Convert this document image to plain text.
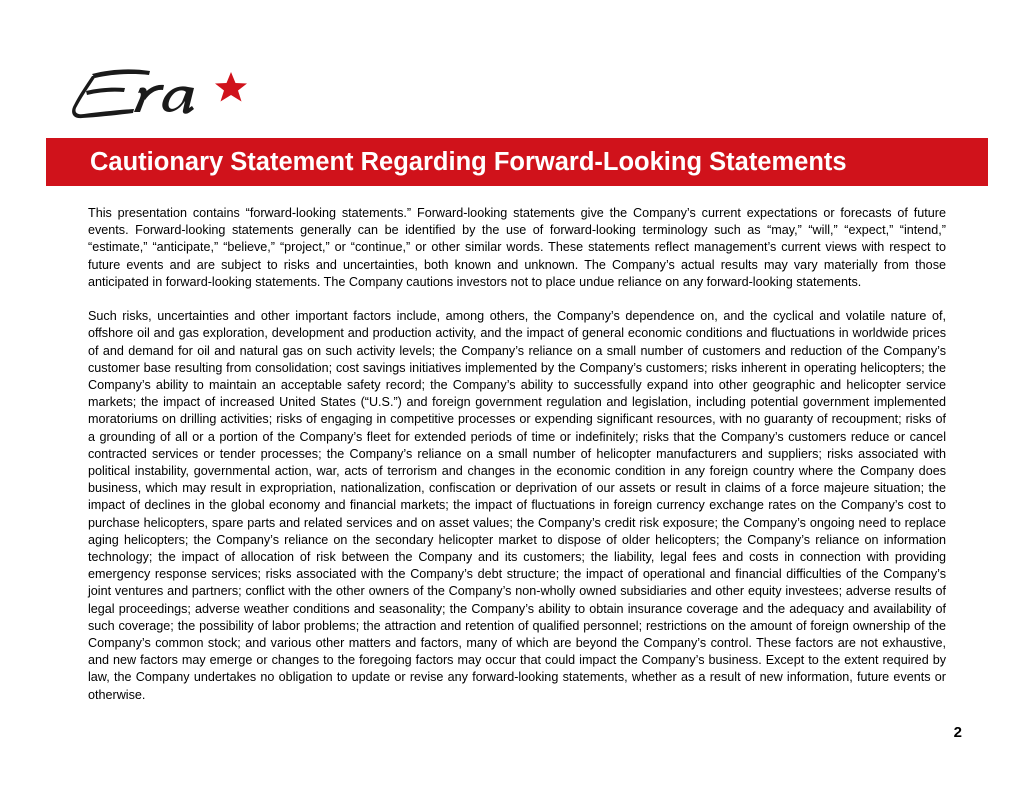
Cautionary Statement Regarding Forward-Looking Statements

This presentation contains “forward-looking statements.” Forward-looking statements give the Company’s current expectations or forecasts of future events. Forward-looking statements generally can be identified by the use of forward-looking terminology such as “may,” “will,” “expect,” “intend,” “estimate,” “anticipate,” “believe,” “project,” or “continue,” or other similar words. These statements reflect management’s current views with respect to future events and are subject to risks and uncertainties, both known and unknown. The Company’s actual results may vary materially from those anticipated in forward-looking statements. The Company cautions investors not to place undue reliance on any forward-looking statements.

Such risks, uncertainties and other important factors include, among others, the Company’s dependence on, and the cyclical and volatile nature of, offshore oil and gas exploration, development and production activity, and the impact of general economic conditions and fluctuations in worldwide prices of and demand for oil and natural gas on such activity levels; the Company’s reliance on a small number of customers and reduction of the Company’s customer base resulting from consolidation; cost savings initiatives implemented by the Company’s customers; risks inherent in operating helicopters; the Company’s ability to maintain an acceptable safety record; the Company’s ability to successfully expand into other geographic and helicopter service markets; the impact of increased United States (“U.S.”) and foreign government regulation and legislation, including potential government implemented moratoriums on drilling activities; risks of engaging in competitive processes or expending significant resources, with no guaranty of recoupment; risks of a grounding of all or a portion of the Company’s fleet for extended periods of time or indefinitely; risks that the Company’s customers reduce or cancel contracted services or tender processes; the Company’s reliance on a small number of helicopter manufacturers and suppliers; risks associated with political instability, governmental action, war, acts of terrorism and changes in the economic condition in any foreign country where the Company does business, which may result in expropriation, nationalization, confiscation or deprivation of our assets or result in claims of a force majeure situation; the impact of declines in the global economy and financial markets; the impact of fluctuations in foreign currency exchange rates on the Company’s cost to purchase helicopters, spare parts and related services and on asset values; the Company’s credit risk exposure; the Company’s ongoing need to replace aging helicopters; the Company’s reliance on the secondary helicopter market to dispose of older helicopters; the Company’s reliance on information technology; the impact of allocation of risk between the Company and its customers; the liability, legal fees and costs in connection with providing emergency response services; risks associated with the Company’s debt structure; the impact of operational and financial difficulties of the Company’s joint ventures and partners; conflict with the other owners of the Company’s non-wholly owned subsidiaries and other equity investees; adverse results of legal proceedings; adverse weather conditions and seasonality; the Company’s ability to obtain insurance coverage and the adequacy and availability of such coverage; the possibility of labor problems; the attraction and retention of qualified personnel; restrictions on the amount of foreign ownership of the Company’s common stock; and various other matters and factors, many of which are beyond the Company’s control. These factors are not exhaustive, and new factors may emerge or changes to the foregoing factors may occur that could impact the Company’s business. Except to the extent required by law, the Company undertakes no obligation to update or revise any forward-looking statements, whether as a result of new information, future events or otherwise.

2
